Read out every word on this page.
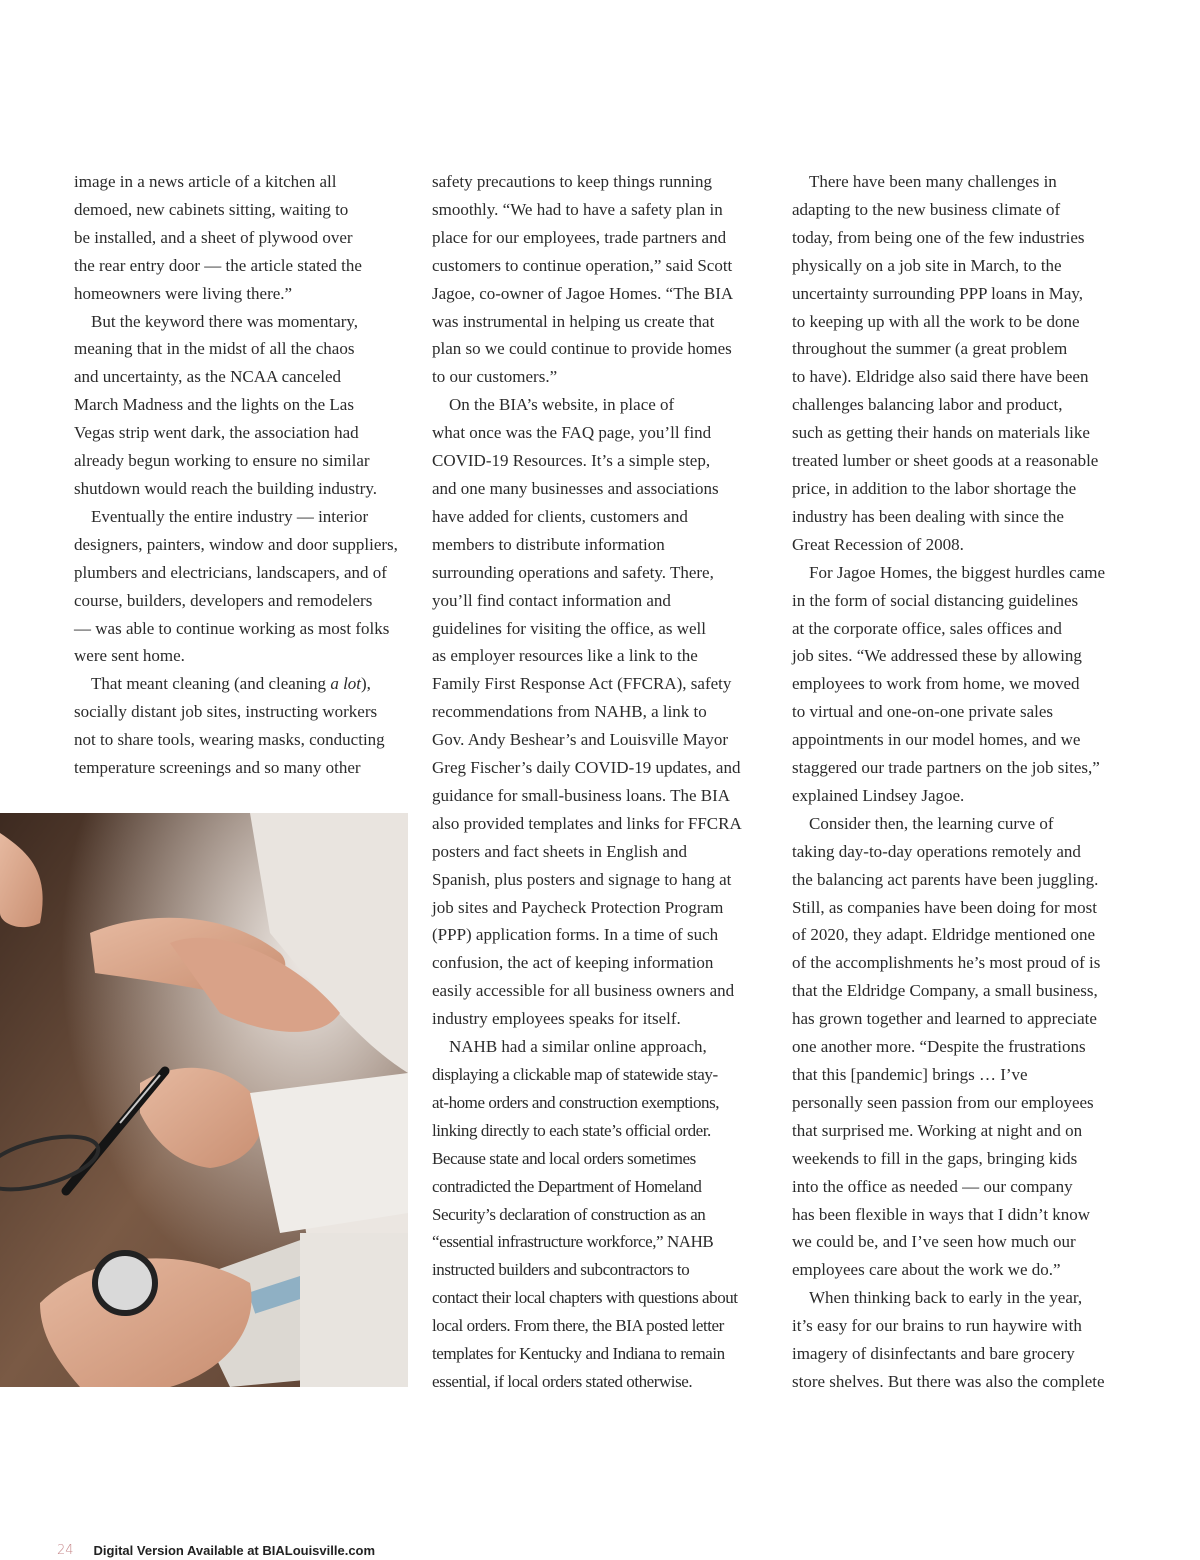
image in a news article of a kitchen all

demoed, new cabinets sitting, waiting to

be installed, and a sheet of plywood over

the rear entry door — the article stated the

homeowners were living there.”

But the keyword there was momentary,

meaning that in the midst of all the chaos

and uncertainty, as the NCAA canceled

March Madness and the lights on the Las

Vegas strip went dark, the association had

already begun working to ensure no similar

shutdown would reach the building industry.

Eventually the entire industry — interior

designers, painters, window and door suppliers,

plumbers and electricians, landscapers, and of

course, builders, developers and remodelers

— was able to continue working as most folks

were sent home.

That meant cleaning (and cleaning a lot),

socially distant job sites, instructing workers

not to share tools, wearing masks, conducting

temperature screenings and so many other

safety precautions to keep things running

smoothly. “We had to have a safety plan in

place for our employees, trade partners and

customers to continue operation,” said Scott

Jagoe, co-owner of Jagoe Homes. “The BIA

was instrumental in helping us create that

plan so we could continue to provide homes

to our customers.”

On the BIA’s website, in place of

what once was the FAQ page, you’ll find

COVID-19 Resources. It’s a simple step,

and one many businesses and associations

have added for clients, customers and

members to distribute information

surrounding operations and safety. There,

you’ll find contact information and

guidelines for visiting the office, as well

as employer resources like a link to the

Family First Response Act (FFCRA), safety

recommendations from NAHB, a link to

Gov. Andy Beshear’s and Louisville Mayor

Greg Fischer’s daily COVID-19 updates, and

guidance for small-business loans. The BIA

also provided templates and links for FFCRA

posters and fact sheets in English and

Spanish, plus posters and signage to hang at

job sites and Paycheck Protection Program

(PPP) application forms. In a time of such

confusion, the act of keeping information

easily accessible for all business owners and

industry employees speaks for itself.

NAHB had a similar online approach,

displaying a clickable map of statewide stay-

at-home orders and construction exemptions,

linking directly to each state’s official order.

Because state and local orders sometimes

contradicted the Department of Homeland

Security’s declaration of construction as an

“essential infrastructure workforce,” NAHB

instructed builders and subcontractors to

contact their local chapters with questions about

local orders. From there, the BIA posted letter

templates for Kentucky and Indiana to remain

essential, if local orders stated otherwise.

There have been many challenges in

adapting to the new business climate of

today, from being one of the few industries

physically on a job site in March, to the

uncertainty surrounding PPP loans in May,

to keeping up with all the work to be done

throughout the summer (a great problem

to have). Eldridge also said there have been

challenges balancing labor and product,

such as getting their hands on materials like

treated lumber or sheet goods at a reasonable

price, in addition to the labor shortage the

industry has been dealing with since the

Great Recession of 2008.

For Jagoe Homes, the biggest hurdles came

in the form of social distancing guidelines

at the corporate office, sales offices and

job sites. “We addressed these by allowing

employees to work from home, we moved

to virtual and one-on-one private sales

appointments in our model homes, and we

staggered our trade partners on the job sites,”

explained Lindsey Jagoe.

Consider then, the learning curve of

taking day-to-day operations remotely and

the balancing act parents have been juggling.

Still, as companies have been doing for most

of 2020, they adapt. Eldridge mentioned one

of the accomplishments he’s most proud of is

that the Eldridge Company, a small business,

has grown together and learned to appreciate

one another more. “Despite the frustrations

that this [pandemic] brings … I’ve

personally seen passion from our employees

that surprised me. Working at night and on

weekends to fill in the gaps, bringing kids

into the office as needed — our company

has been flexible in ways that I didn’t know

we could be, and I’ve seen how much our

employees care about the work we do.”

When thinking back to early in the year,

it’s easy for our brains to run haywire with

imagery of disinfectants and bare grocery

store shelves. But there was also the complete

24 Digital Version Available at BIALouisville.com
